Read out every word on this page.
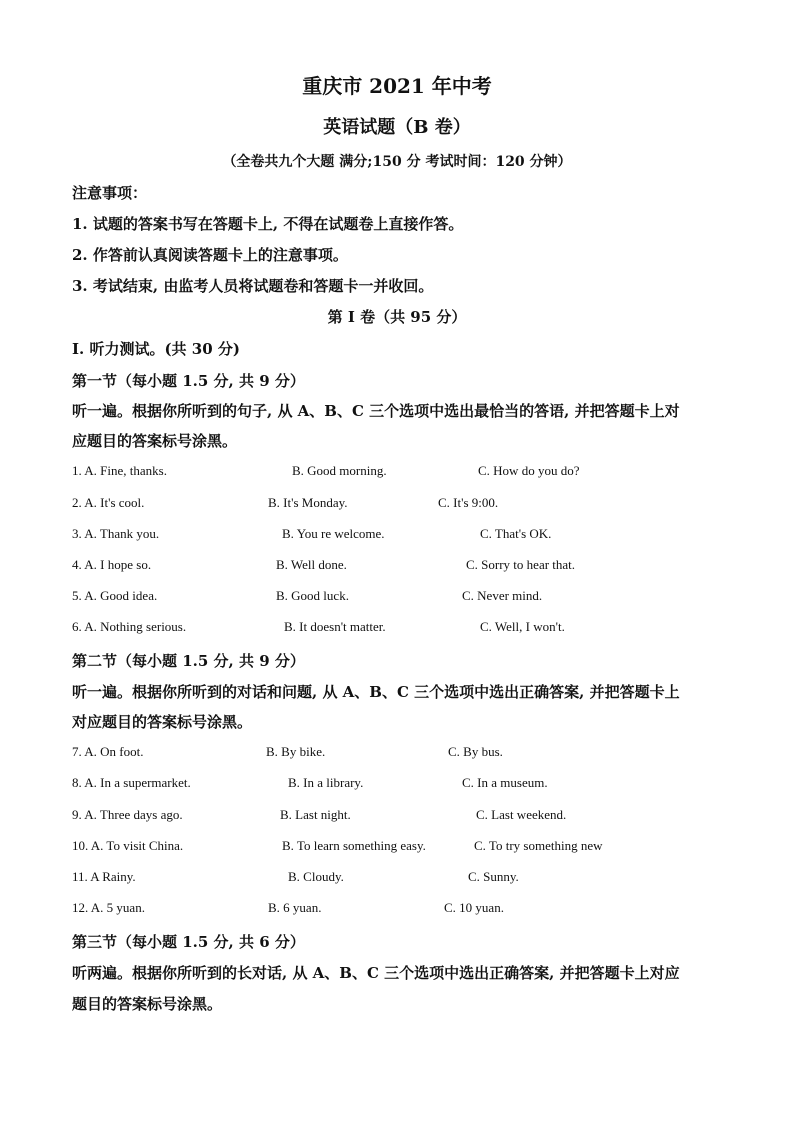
重庆市 2021 年中考
英语试题（B 卷）
（全卷共九个大题 满分;150 分 考试时间：120 分钟）
注意事项：
1. 试题的答案书写在答题卡上, 不得在试题卷上直接作答。
2. 作答前认真阅读答题卡上的注意事项。
3. 考试结束, 由监考人员将试题卷和答题卡一并收回。
第 I 卷（共 95 分）
I. 听力测试。(共 30 分)
第一节（每小题 1.5 分, 共 9 分）
听一遍。根据你所听到的句子, 从 A、B、C 三个选项中选出最恰当的答语, 并把答题卡上对
应题目的答案标号涂黑。
1. A. Fine, thanks.	B. Good morning.	C. How do you do?
2. A. It's cool.	B. It's Monday.	C. It's 9:00.
3. A. Thank you.	B. You re welcome.	C. That's OK.
4. A. I hope so.	B. Well done.	C. Sorry to hear that.
5. A. Good idea.	B. Good luck.	C. Never mind.
6. A. Nothing serious.	B. It doesn't matter.	C. Well, I won't.
第二节（每小题 1.5 分, 共 9 分）
听一遍。根据你所听到的对话和问题, 从 A、B、C 三个选项中选出正确答案, 并把答题卡上
对应题目的答案标号涂黑。
7. A. On foot.	B. By bike.	C. By bus.
8. A. In a supermarket.	B. In a library.	C. In a museum.
9. A. Three days ago.	B. Last night.	C. Last weekend.
10. A. To visit China.	B. To learn something easy.	C. To try something new
11. A Rainy.	B. Cloudy.	C. Sunny.
12. A. 5 yuan.	B. 6 yuan.	C. 10 yuan.
第三节（每小题 1.5 分, 共 6 分）
听两遍。根据你所听到的长对话, 从 A、B、C 三个选项中选出正确答案, 并把答题卡上对应
题目的答案标号涂黑。
